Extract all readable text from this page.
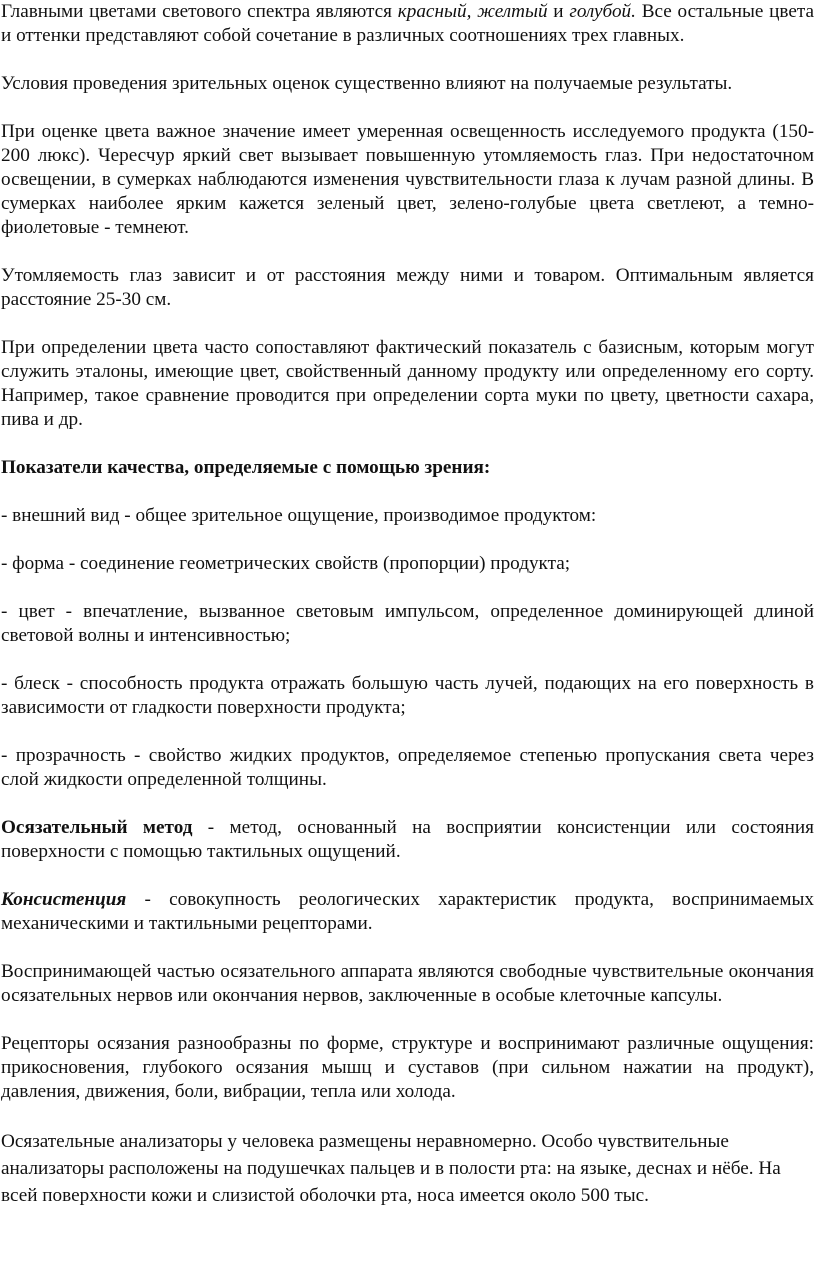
Главными цветами светового спектра являются красный, желтый и голубой. Все остальные цвета и оттенки представляют собой сочетание в различных соотношениях трех главных.

Условия проведения зрительных оценок существенно влияют на получаемые результаты.

При оценке цвета важное значение имеет умеренная освещенность исследуемого продукта (150-200 люкс). Чересчур яркий свет вызывает повышенную утомляемость глаз. При недостаточном освещении, в сумерках наблюдаются изменения чувствительности глаза к лучам разной длины. В сумерках наиболее ярким кажется зеленый цвет, зелено-голубые цвета светлеют, а темно-фиолетовые - темнеют.

Утомляемость глаз зависит и от расстояния между ними и товаром. Оптимальным является расстояние 25-30 см.

При определении цвета часто сопоставляют фактический показатель с базисным, которым могут служить эталоны, имеющие цвет, свойственный данному продукту или определенному его сорту. Например, такое сравнение проводится при определении сорта муки по цвету, цветности сахара, пива и др.

Показатели качества, определяемые с помощью зрения:

- внешний вид - общее зрительное ощущение, производимое продуктом:

- форма - соединение геометрических свойств (пропорции) продукта;

- цвет - впечатление, вызванное световым импульсом, определенное доминирующей длиной световой волны и интенсивностью;

- блеск - способность продукта отражать большую часть лучей, подающих на его поверхность в зависимости от гладкости поверхности продукта;

- прозрачность - свойство жидких продуктов, определяемое степенью пропускания света через слой жидкости определенной толщины.

Осязательный метод - метод, основанный на восприятии консистенции или состояния поверхности с помощью тактильных ощущений.

Консистенция - совокупность реологических характеристик продукта, воспринимаемых механическими и тактильными рецепторами.

Воспринимающей частью осязательного аппарата являются свободные чувствительные окончания осязательных нервов или окончания нервов, заключенные в особые клеточные капсулы.

Рецепторы осязания разнообразны по форме, структуре и воспринимают различные ощущения: прикосновения, глубокого осязания мышц и суставов (при сильном нажатии на продукт), давления, движения, боли, вибрации, тепла или холода.

Осязательные анализаторы у человека размещены неравномерно. Особо чувствительные анализаторы расположены на подушечках пальцев и в полости рта: на языке, деснах и нёбе. На всей поверхности кожи и слизистой оболочки рта, носа имеется около 500 тыс.
